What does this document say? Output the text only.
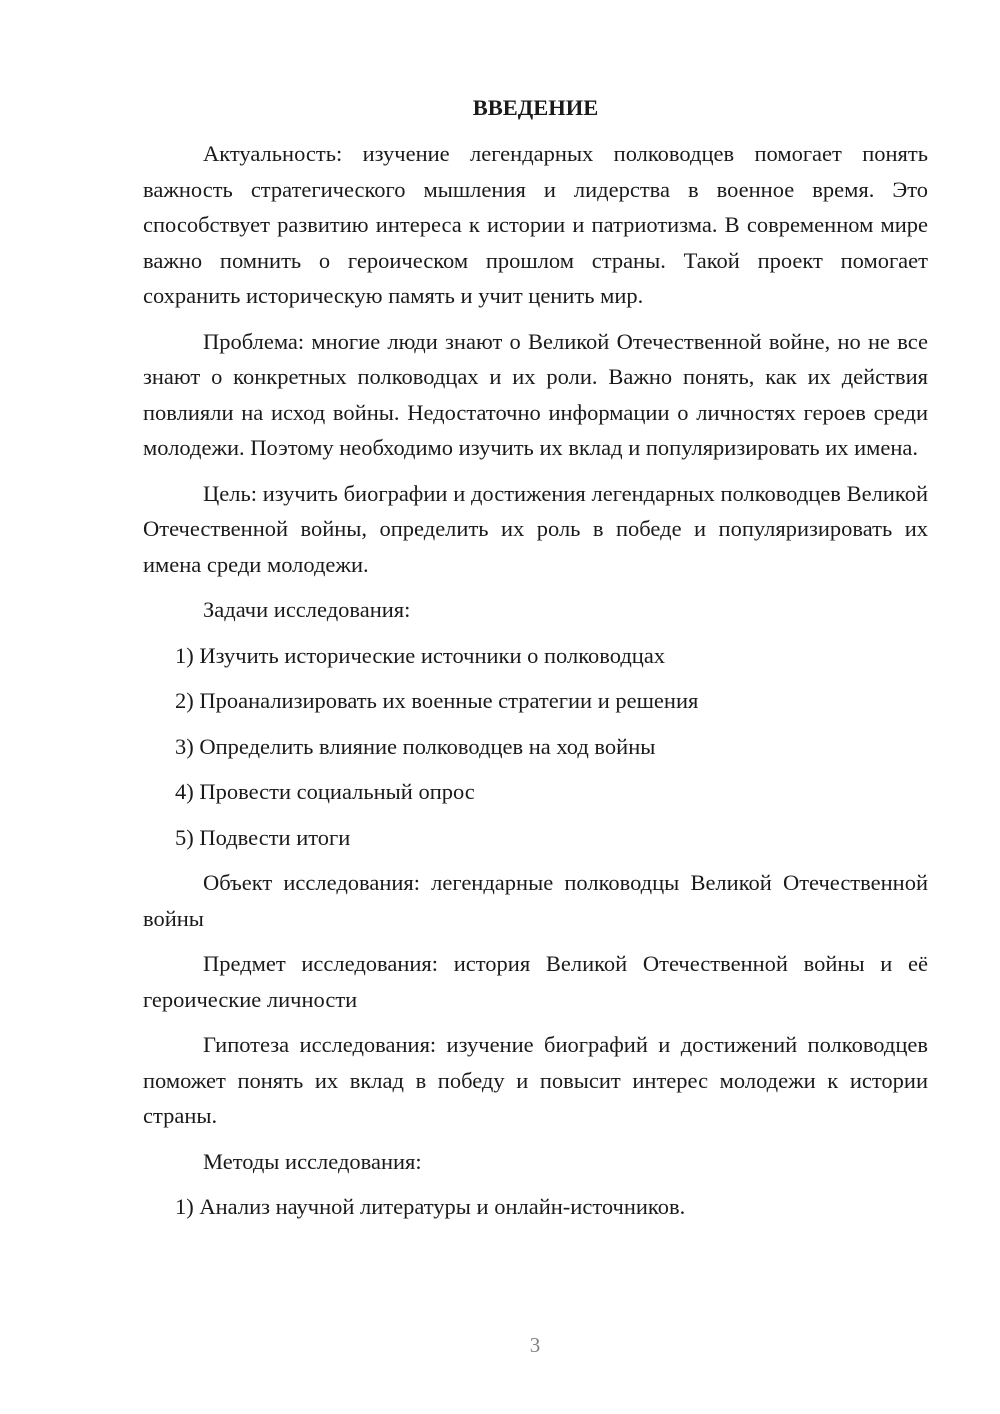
ВВЕДЕНИЕ

Актуальность: изучение легендарных полководцев помогает понять важность стратегического мышления и лидерства в военное время. Это способствует развитию интереса к истории и патриотизма. В современном мире важно помнить о героическом прошлом страны. Такой проект помогает сохранить историческую память и учит ценить мир.

Проблема: многие люди знают о Великой Отечественной войне, но не все знают о конкретных полководцах и их роли. Важно понять, как их действия повлияли на исход войны. Недостаточно информации о личностях героев среди молодежи. Поэтому необходимо изучить их вклад и популяризировать их имена.

Цель: изучить биографии и достижения легендарных полководцев Великой Отечественной войны, определить их роль в победе и популяризировать их имена среди молодежи.

Задачи исследования:

1) Изучить исторические источники о полководцах
2) Проанализировать их военные стратегии и решения
3) Определить влияние полководцев на ход войны
4) Провести социальный опрос
5) Подвести итоги

Объект исследования: легендарные полководцы Великой Отечественной войны

Предмет исследования: история Великой Отечественной войны и её героические личности

Гипотеза исследования: изучение биографий и достижений полководцев поможет понять их вклад в победу и повысит интерес молодежи к истории страны.

Методы исследования:

1) Анализ научной литературы и онлайн-источников.
3
